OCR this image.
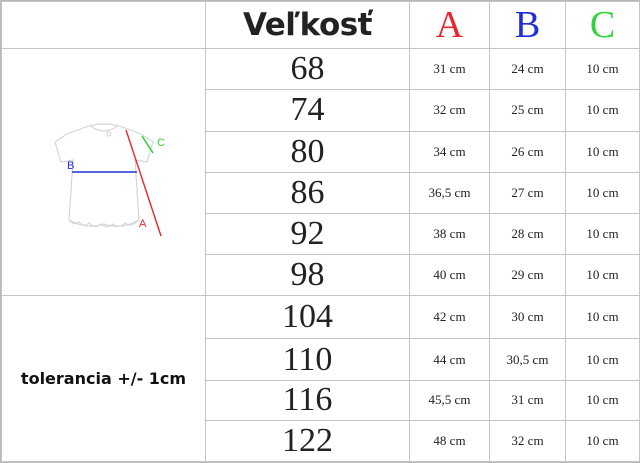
	Veľkosť	A	B	C

A
B
C	68	31 cm	24 cm	10 cm
	74	32 cm	25 cm	10 cm
	80	34 cm	26 cm	10 cm
	86	36,5 cm	27 cm	10 cm
	92	38 cm	28 cm	10 cm
	98	40 cm	29 cm	10 cm
tolerancia +/- 1cm	104	42 cm	30 cm	10 cm
	110	44 cm	30,5 cm	10 cm
	116	45,5 cm	31 cm	10 cm
	122	48 cm	32 cm	10 cm
